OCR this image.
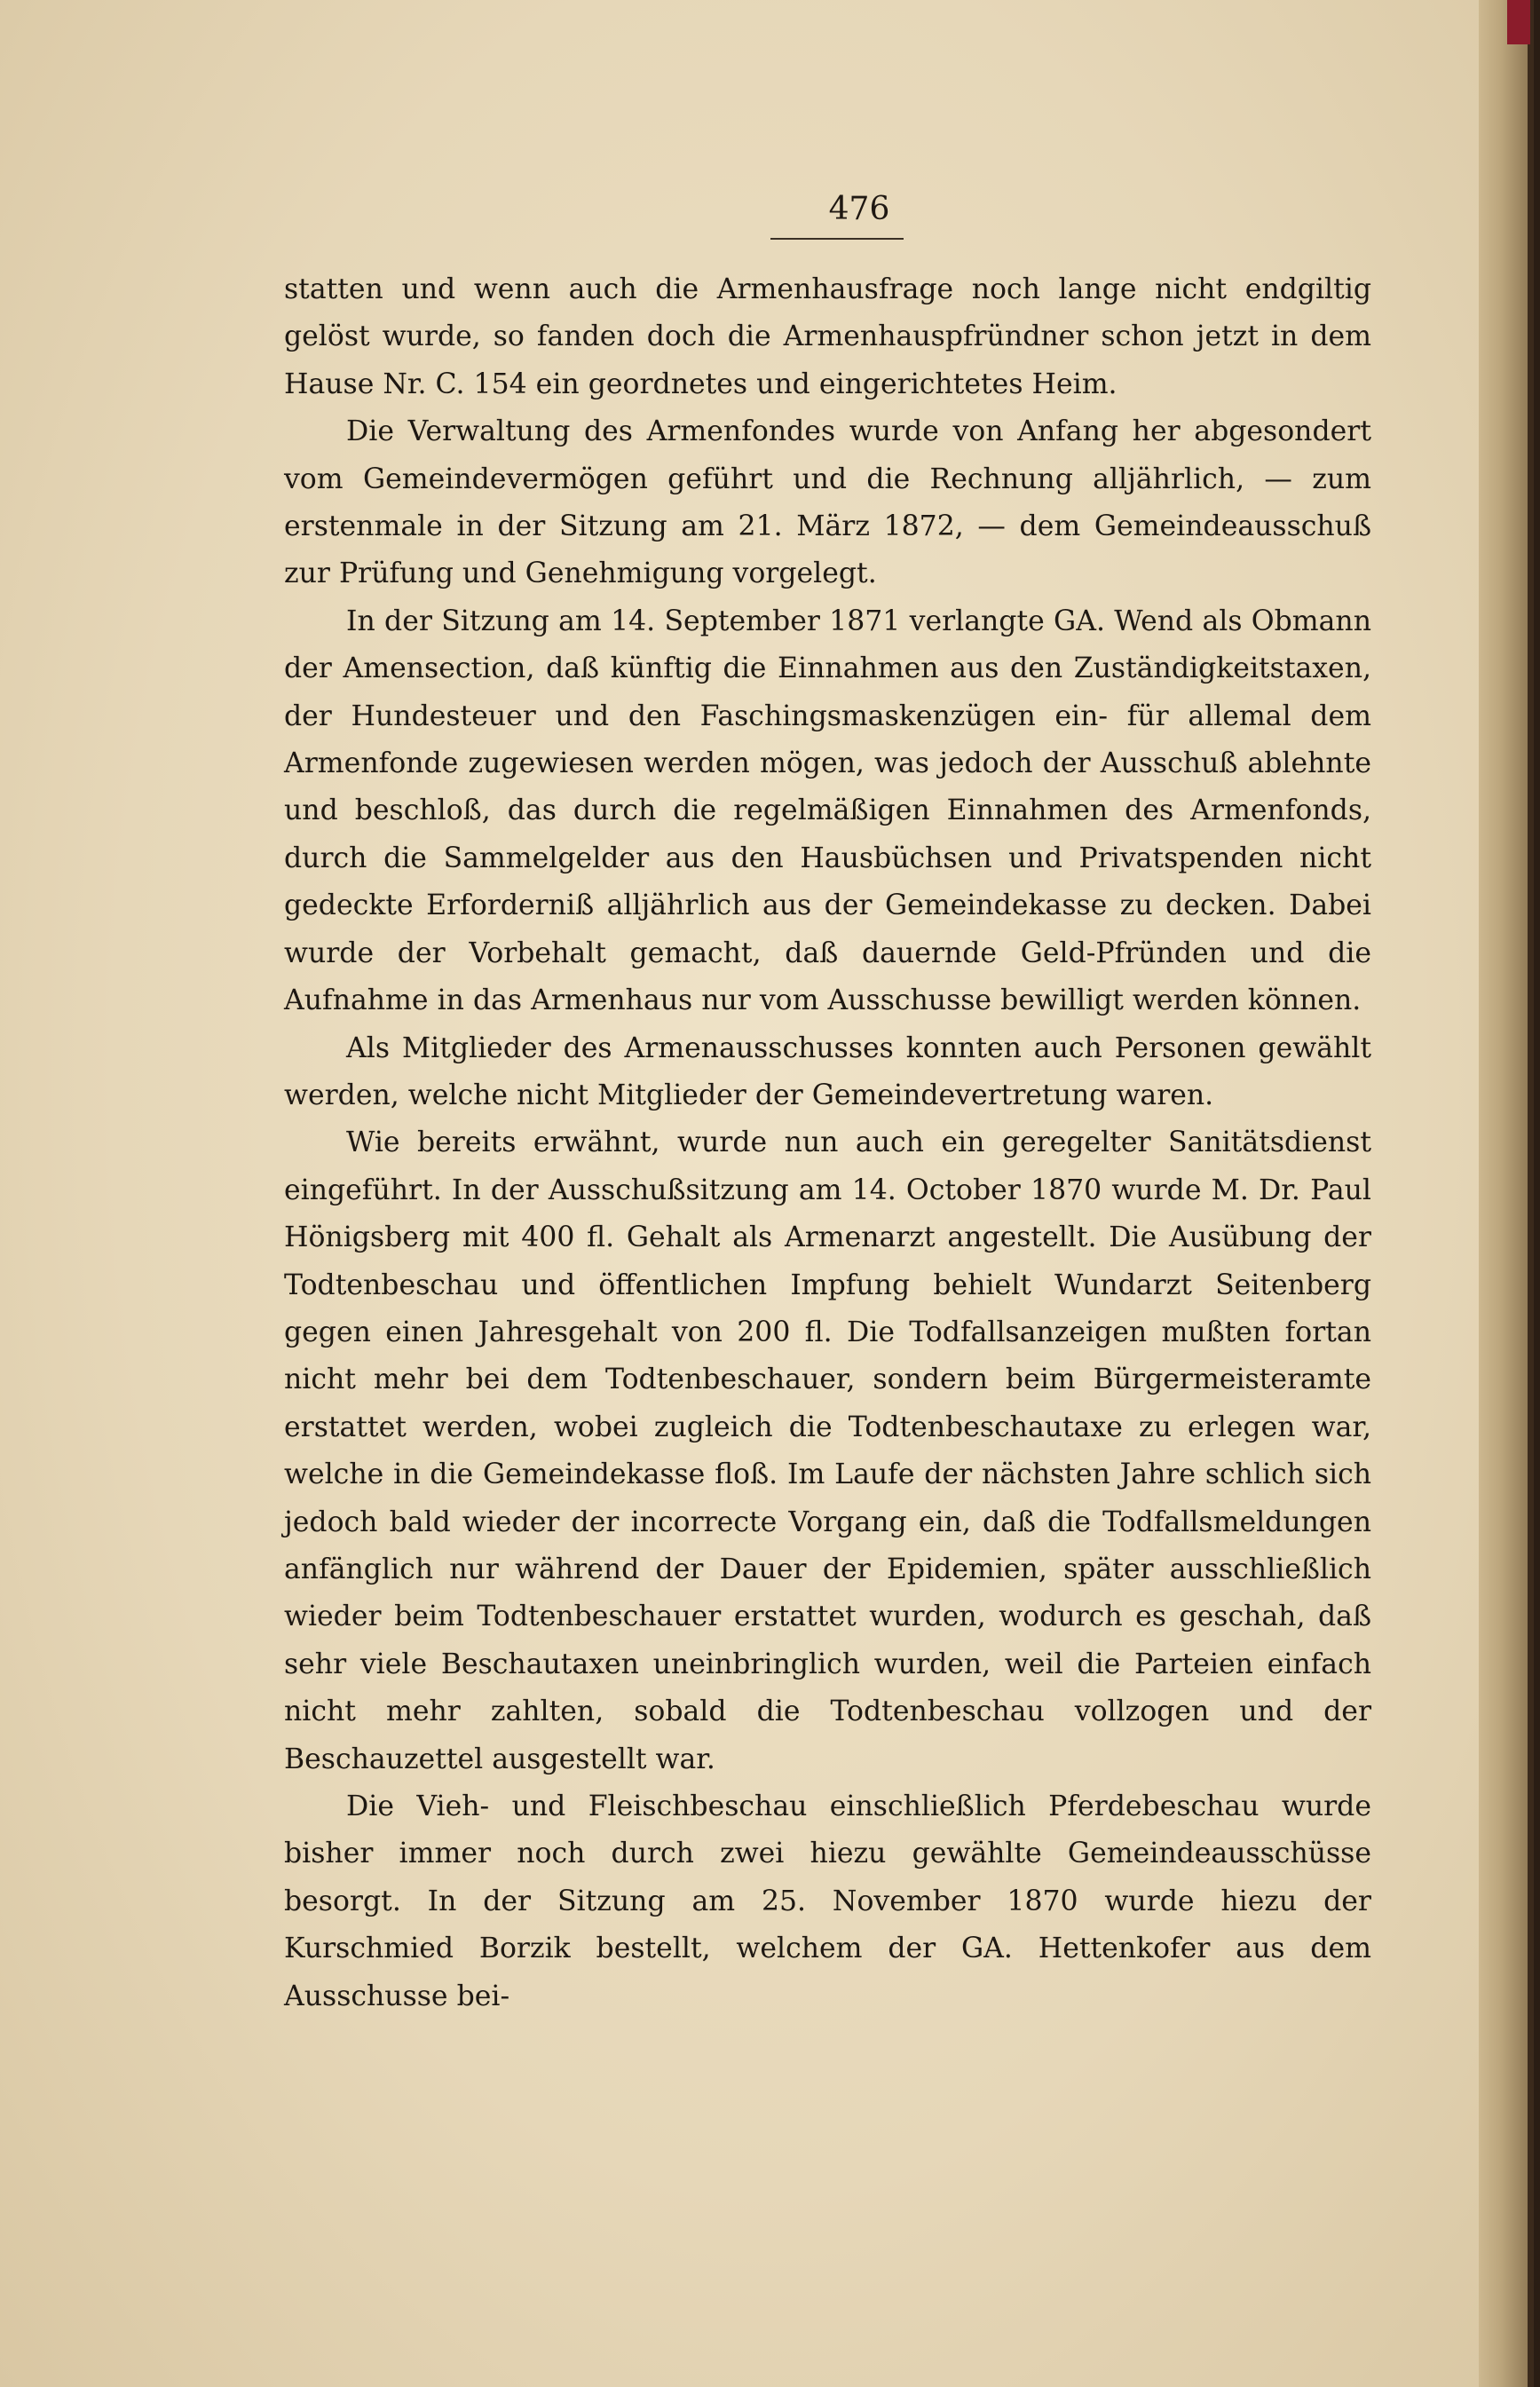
476

statten und wenn auch die Armenhausfrage noch lange nicht endgiltig gelöst wurde, so fanden doch die Armenhauspfründner schon jetzt in dem Hause Nr. C. 154 ein geordnetes und eingerichtetes Heim.

Die Verwaltung des Armenfondes wurde von Anfang her abgesondert vom Gemeindevermögen geführt und die Rechnung alljährlich, — zum erstenmale in der Sitzung am 21. März 1872, — dem Gemeindeausschuß zur Prüfung und Genehmigung vorgelegt.

In der Sitzung am 14. September 1871 verlangte GA. Wend als Obmann der Amensection, daß künftig die Einnahmen aus den Zuständigkeitstaxen, der Hundesteuer und den Faschingsmaskenzügen ein- für allemal dem Armenfonde zugewiesen werden mögen, was jedoch der Ausschuß ablehnte und beschloß, das durch die regelmäßigen Einnahmen des Armenfonds, durch die Sammelgelder aus den Hausbüchsen und Privatspenden nicht gedeckte Erforderniß alljährlich aus der Gemeindekasse zu decken. Dabei wurde der Vorbehalt gemacht, daß dauernde Geld-Pfründen und die Aufnahme in das Armenhaus nur vom Ausschusse bewilligt werden können.

Als Mitglieder des Armenausschusses konnten auch Personen gewählt werden, welche nicht Mitglieder der Gemeindevertretung waren.

Wie bereits erwähnt, wurde nun auch ein geregelter Sanitätsdienst eingeführt. In der Ausschußsitzung am 14. October 1870 wurde M. Dr. Paul Hönigsberg mit 400 fl. Gehalt als Armenarzt angestellt. Die Ausübung der Todtenbeschau und öffentlichen Impfung behielt Wundarzt Seitenberg gegen einen Jahresgehalt von 200 fl. Die Todfallsanzeigen mußten fortan nicht mehr bei dem Todtenbeschauer, sondern beim Bürgermeisteramte erstattet werden, wobei zugleich die Todtenbeschautaxe zu erlegen war, welche in die Gemeindekasse floß. Im Laufe der nächsten Jahre schlich sich jedoch bald wieder der incorrecte Vorgang ein, daß die Todfallsmeldungen anfänglich nur während der Dauer der Epidemien, später ausschließlich wieder beim Todtenbeschauer erstattet wurden, wodurch es geschah, daß sehr viele Beschautaxen uneinbringlich wurden, weil die Parteien einfach nicht mehr zahlten, sobald die Todtenbeschau vollzogen und der Beschauzettel ausgestellt war.

Die Vieh- und Fleischbeschau einschließlich Pferdebeschau wurde bisher immer noch durch zwei hiezu gewählte Gemeindeausschüsse besorgt. In der Sitzung am 25. November 1870 wurde hiezu der Kurschmied Borzik bestellt, welchem der GA. Hettenkofer aus dem Ausschusse bei-
